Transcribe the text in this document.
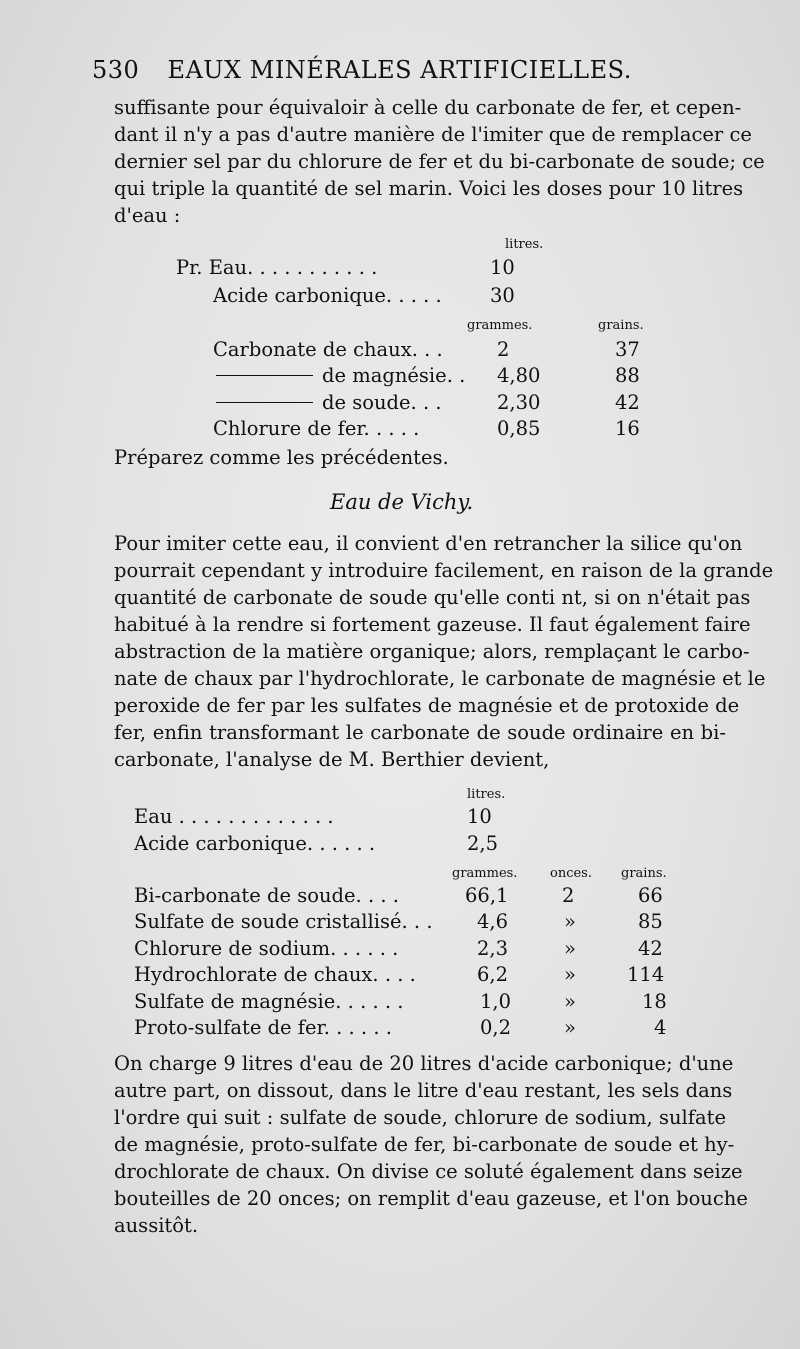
530 EAUX MINÉRALES ARTIFICIELLES.
suffisante pour équivaloir à celle du carbonate de fer, et cepen-
dant il n'y a pas d'autre manière de l'imiter que de remplacer ce
dernier sel par du chlorure de fer et du bi-carbonate de soude; ce
qui triple la quantité de sel marin. Voici les doses pour 10 litres
d'eau :
litres.
Pr. Eau. . . . . . . . . . .	10
Acide carbonique. . . . . 30
grammes.	grains.
Carbonate de chaux. . .	2	37
de magnésie. . 4,80	88
de soude. . .	2,30	42
Chlorure de fer. . . . .	0,85	16
Préparez comme les précédentes.
Eau de Vichy.
Pour imiter cette eau, il convient d'en retrancher la silice qu'on
pourrait cependant y introduire facilement, en raison de la grande
quantité de carbonate de soude qu'elle conti nt, si on n'était pas
habitué à la rendre si fortement gazeuse. Il faut également faire
abstraction de la matière organique; alors, remplaçant le carbo-
nate de chaux par l'hydrochlorate, le carbonate de magnésie et le
peroxide de fer par les sulfates de magnésie et de protoxide de
fer, enfin transformant le carbonate de soude ordinaire en bi-
carbonate, l'analyse de M. Berthier devient,
litres.
Eau . . . . . . . . . . . . .	10
Acide carbonique. . . . . .	2,5
grammes.	onces. grains.
Bi-carbonate de soude. . . .	66,1	2	66
Sulfate de soude cristallisé. . . 4,6	»	85
Chlorure de sodium. . . . . .	2,3	»	42
Hydrochlorate de chaux. . . .	6,2	»	114
Sulfate de magnésie. . . . . .	1,0	»	18
Proto-sulfate de fer. . . . . .	0,2	»	4
On charge 9 litres d'eau de 20 litres d'acide carbonique; d'une
autre part, on dissout, dans le litre d'eau restant, les sels dans
l'ordre qui suit : sulfate de soude, chlorure de sodium, sulfate
de magnésie, proto-sulfate de fer, bi-carbonate de soude et hy-
drochlorate de chaux. On divise ce soluté également dans seize
bouteilles de 20 onces; on remplit d'eau gazeuse, et l'on bouche
aussitôt.
